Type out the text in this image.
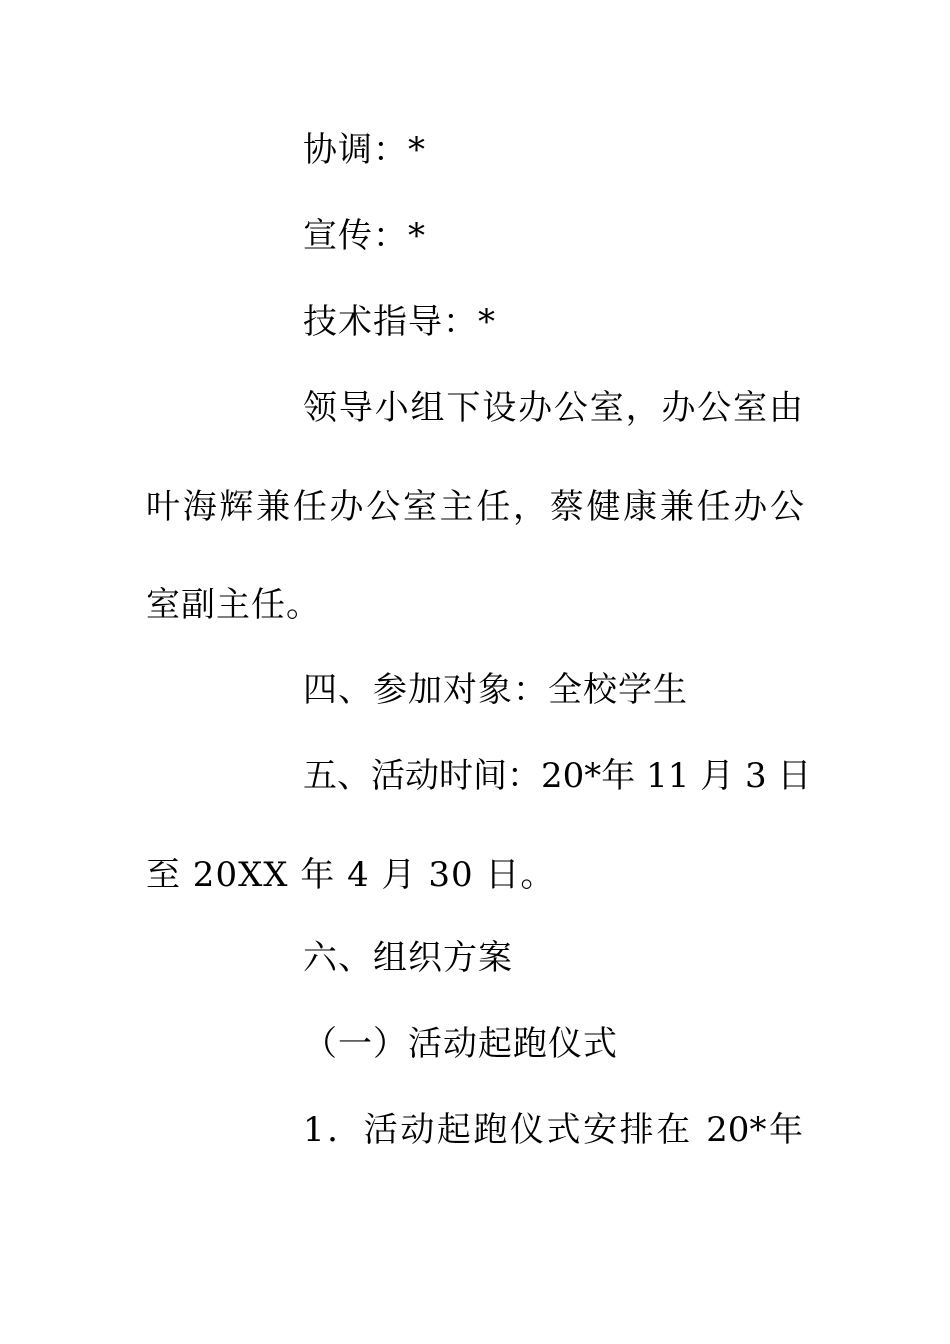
协调：*
宣传：*
技术指导：*
领导小组下设办公室，办公室由
叶海辉兼任办公室主任，蔡健康兼任办公
室副主任。
四、参加对象：全校学生
五、活动时间：20*年 11 月 3 日
至 20XX 年 4 月 30 日。
六、组织方案
（一）活动起跑仪式
1．活动起跑仪式安排在 20*年
